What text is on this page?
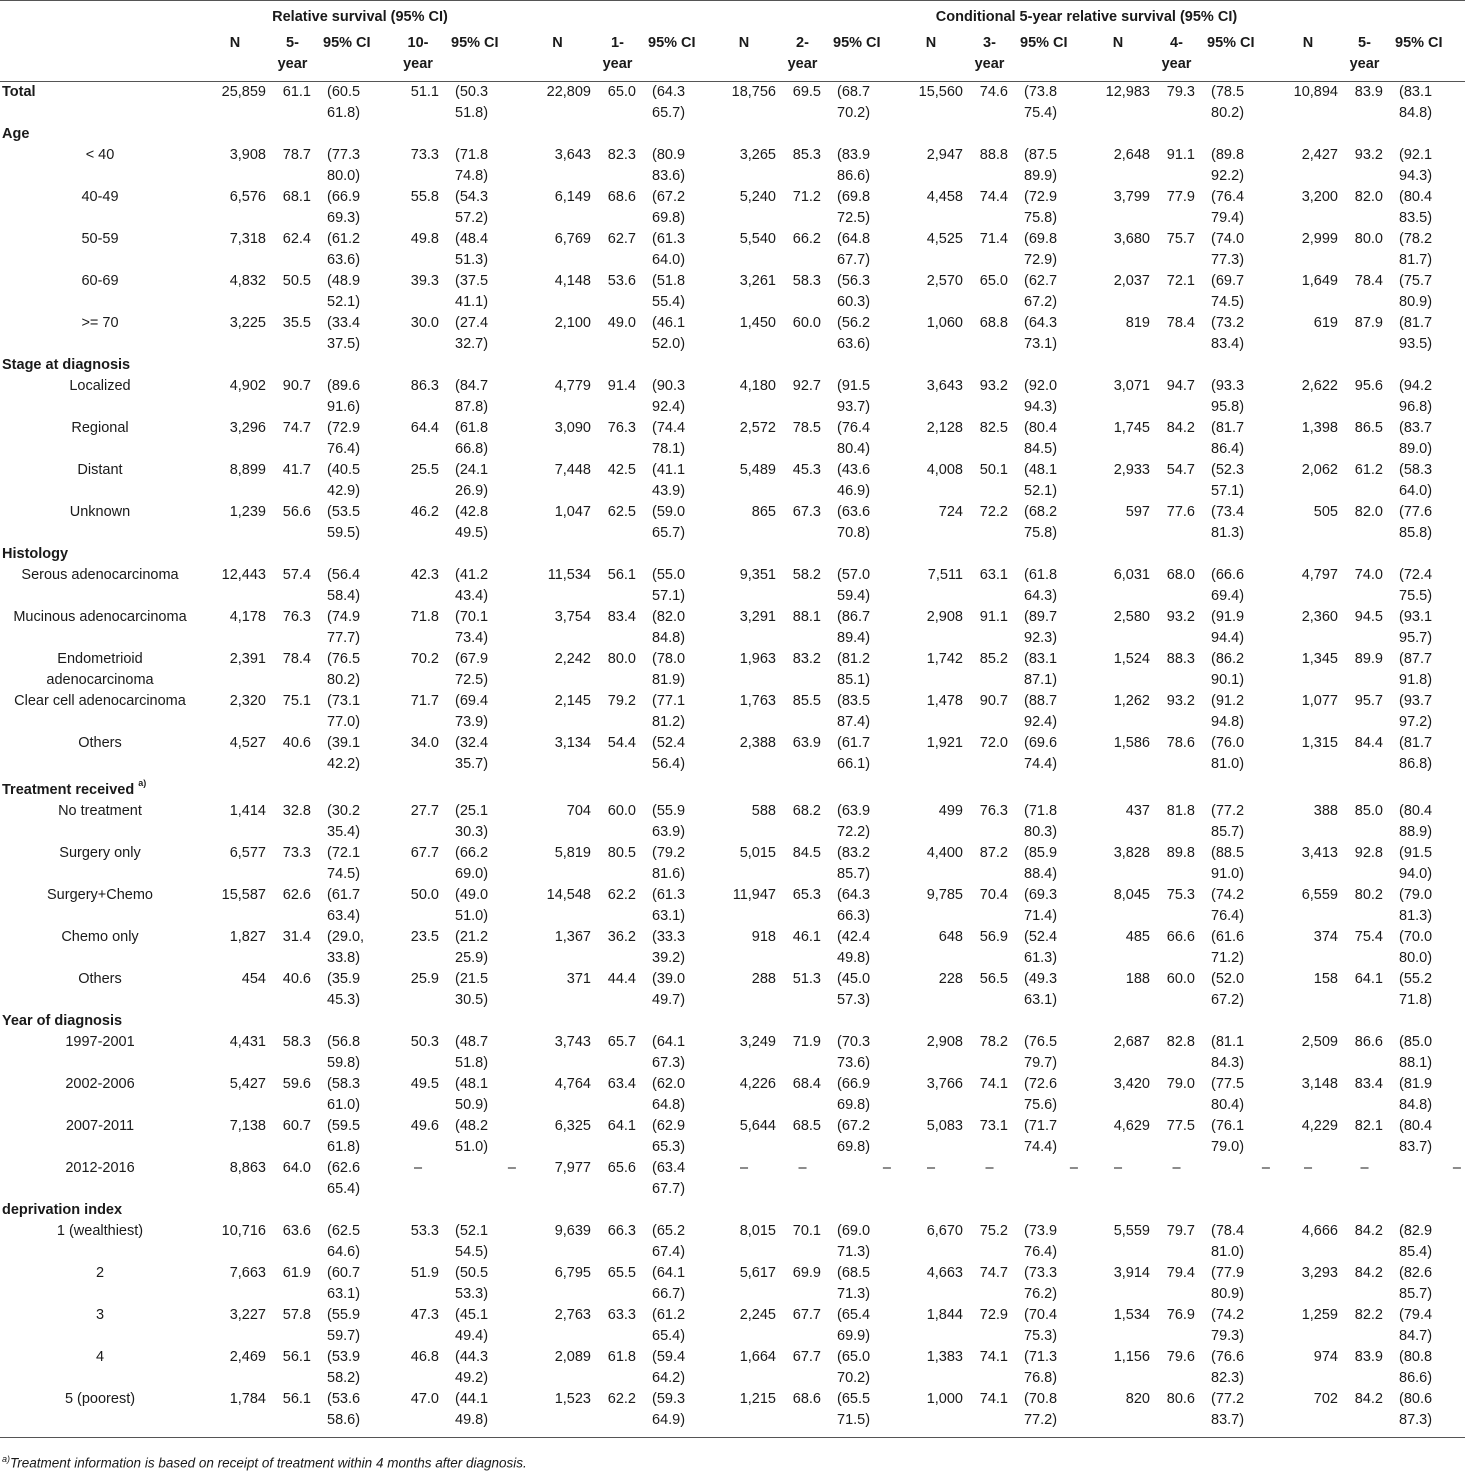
	Relative survival (95% CI)								Conditional 5-year relative survival (95% CI)											
	N	5-year	95% CI	10-year	95% CI	N	1-year	95% CI	N	2-year	95% CI	N	3-year	95% CI	N	4-year	95% CI	N	5-year	95% CI

Total	25,859	61.1	(60.5 61.8)	51.1	(50.3 51.8)	22,809	65.0	(64.3 65.7)	18,756	69.5	(68.7 70.2)	15,560	74.6	(73.8 75.4)	12,983	79.3	(78.5 80.2)	10,894	83.9	(83.1 84.8)
Age																				
< 40	3,908	78.7	(77.3 80.0)	73.3	(71.8 74.8)	3,643	82.3	(80.9 83.6)	3,265	85.3	(83.9 86.6)	2,947	88.8	(87.5 89.9)	2,648	91.1	(89.8 92.2)	2,427	93.2	(92.1 94.3)
40-49	6,576	68.1	(66.9 69.3)	55.8	(54.3 57.2)	6,149	68.6	(67.2 69.8)	5,240	71.2	(69.8 72.5)	4,458	74.4	(72.9 75.8)	3,799	77.9	(76.4 79.4)	3,200	82.0	(80.4 83.5)
50-59	7,318	62.4	(61.2 63.6)	49.8	(48.4 51.3)	6,769	62.7	(61.3 64.0)	5,540	66.2	(64.8 67.7)	4,525	71.4	(69.8 72.9)	3,680	75.7	(74.0 77.3)	2,999	80.0	(78.2 81.7)
60-69	4,832	50.5	(48.9 52.1)	39.3	(37.5 41.1)	4,148	53.6	(51.8 55.4)	3,261	58.3	(56.3 60.3)	2,570	65.0	(62.7 67.2)	2,037	72.1	(69.7 74.5)	1,649	78.4	(75.7 80.9)
>= 70	3,225	35.5	(33.4 37.5)	30.0	(27.4 32.7)	2,100	49.0	(46.1 52.0)	1,450	60.0	(56.2 63.6)	1,060	68.8	(64.3 73.1)	819	78.4	(73.2 83.4)	619	87.9	(81.7 93.5)
Stage at diagnosis																				
Localized	4,902	90.7	(89.6 91.6)	86.3	(84.7 87.8)	4,779	91.4	(90.3 92.4)	4,180	92.7	(91.5 93.7)	3,643	93.2	(92.0 94.3)	3,071	94.7	(93.3 95.8)	2,622	95.6	(94.2 96.8)
Regional	3,296	74.7	(72.9 76.4)	64.4	(61.8 66.8)	3,090	76.3	(74.4 78.1)	2,572	78.5	(76.4 80.4)	2,128	82.5	(80.4 84.5)	1,745	84.2	(81.7 86.4)	1,398	86.5	(83.7 89.0)
Distant	8,899	41.7	(40.5 42.9)	25.5	(24.1 26.9)	7,448	42.5	(41.1 43.9)	5,489	45.3	(43.6 46.9)	4,008	50.1	(48.1 52.1)	2,933	54.7	(52.3 57.1)	2,062	61.2	(58.3 64.0)
Unknown	1,239	56.6	(53.5 59.5)	46.2	(42.8 49.5)	1,047	62.5	(59.0 65.7)	865	67.3	(63.6 70.8)	724	72.2	(68.2 75.8)	597	77.6	(73.4 81.3)	505	82.0	(77.6 85.8)
Histology																				
Serous adenocarcinoma	12,443	57.4	(56.4 58.4)	42.3	(41.2 43.4)	11,534	56.1	(55.0 57.1)	9,351	58.2	(57.0 59.4)	7,511	63.1	(61.8 64.3)	6,031	68.0	(66.6 69.4)	4,797	74.0	(72.4 75.5)
Mucinous adenocarcinoma	4,178	76.3	(74.9 77.7)	71.8	(70.1 73.4)	3,754	83.4	(82.0 84.8)	3,291	88.1	(86.7 89.4)	2,908	91.1	(89.7 92.3)	2,580	93.2	(91.9 94.4)	2,360	94.5	(93.1 95.7)
Endometrioid adenocarcinoma	2,391	78.4	(76.5 80.2)	70.2	(67.9 72.5)	2,242	80.0	(78.0 81.9)	1,963	83.2	(81.2 85.1)	1,742	85.2	(83.1 87.1)	1,524	88.3	(86.2 90.1)	1,345	89.9	(87.7 91.8)
Clear cell adenocarcinoma	2,320	75.1	(73.1 77.0)	71.7	(69.4 73.9)	2,145	79.2	(77.1 81.2)	1,763	85.5	(83.5 87.4)	1,478	90.7	(88.7 92.4)	1,262	93.2	(91.2 94.8)	1,077	95.7	(93.7 97.2)
Others	4,527	40.6	(39.1 42.2)	34.0	(32.4 35.7)	3,134	54.4	(52.4 56.4)	2,388	63.9	(61.7 66.1)	1,921	72.0	(69.6 74.4)	1,586	78.6	(76.0 81.0)	1,315	84.4	(81.7 86.8)
Treatment received $^{a)}$
No treatment	1,414	32.8	(30.2 35.4)	27.7	(25.1 30.3)	704	60.0	(55.9 63.9)	588	68.2	(63.9 72.2)	499	76.3	(71.8 80.3)	437	81.8	(77.2 85.7)	388	85.0	(80.4 88.9)
Surgery only	6,577	73.3	(72.1 74.5)	67.7	(66.2 69.0)	5,819	80.5	(79.2 81.6)	5,015	84.5	(83.2 85.7)	4,400	87.2	(85.9 88.4)	3,828	89.8	(88.5 91.0)	3,413	92.8	(91.5 94.0)
Surgery+Chemo	15,587	62.6	(61.7 63.4)	50.0	(49.0 51.0)	14,548	62.2	(61.3 63.1)	11,947	65.3	(64.3 66.3)	9,785	70.4	(69.3 71.4)	8,045	75.3	(74.2 76.4)	6,559	80.2	(79.0 81.3)
Chemo only	1,827	31.4	(29.0, 33.8)	23.5	(21.2 25.9)	1,367	36.2	(33.3 39.2)	918	46.1	(42.4 49.8)	648	56.9	(52.4 61.3)	485	66.6	(61.6 71.2)	374	75.4	(70.0 80.0)
Others	454	40.6	(35.9 45.3)	25.9	(21.5 30.5)	371	44.4	(39.0 49.7)	288	51.3	(45.0 57.3)	228	56.5	(49.3 63.1)	188	60.0	(52.0 67.2)	158	64.1	(55.2 71.8)
Year of diagnosis																				
1997-2001	4,431	58.3	(56.8 59.8)	50.3	(48.7 51.8)	3,743	65.7	(64.1 67.3)	3,249	71.9	(70.3 73.6)	2,908	78.2	(76.5 79.7)	2,687	82.8	(81.1 84.3)	2,509	86.6	(85.0 88.1)
2002-2006	5,427	59.6	(58.3 61.0)	49.5	(48.1 50.9)	4,764	63.4	(62.0 64.8)	4,226	68.4	(66.9 69.8)	3,766	74.1	(72.6 75.6)	3,420	79.0	(77.5 80.4)	3,148	83.4	(81.9 84.8)
2007-2011	7,138	60.7	(59.5 61.8)	49.6	(48.2 51.0)	6,325	64.1	(62.9 65.3)	5,644	68.5	(67.2 69.8)	5,083	73.1	(71.7 74.4)	4,629	77.5	(76.1 79.0)	4,229	82.1	(80.4 83.7)
2012-2016	8,863	64.0	(62.6 65.4)	–	–	7,977	65.6	(63.4 67.7)	–	–	–	–	–	–	–	–	–	–	–	–
deprivation index																				
1 (wealthiest)	10,716	63.6	(62.5 64.6)	53.3	(52.1 54.5)	9,639	66.3	(65.2 67.4)	8,015	70.1	(69.0 71.3)	6,670	75.2	(73.9 76.4)	5,559	79.7	(78.4 81.0)	4,666	84.2	(82.9 85.4)
2	7,663	61.9	(60.7 63.1)	51.9	(50.5 53.3)	6,795	65.5	(64.1 66.7)	5,617	69.9	(68.5 71.3)	4,663	74.7	(73.3 76.2)	3,914	79.4	(77.9 80.9)	3,293	84.2	(82.6 85.7)
3	3,227	57.8	(55.9 59.7)	47.3	(45.1 49.4)	2,763	63.3	(61.2 65.4)	2,245	67.7	(65.4 69.9)	1,844	72.9	(70.4 75.3)	1,534	76.9	(74.2 79.3)	1,259	82.2	(79.4 84.7)
4	2,469	56.1	(53.9 58.2)	46.8	(44.3 49.2)	2,089	61.8	(59.4 64.2)	1,664	67.7	(65.0 70.2)	1,383	74.1	(71.3 76.8)	1,156	79.6	(76.6 82.3)	974	83.9	(80.8 86.6)
5 (poorest)	1,784	56.1	(53.6 58.6)	47.0	(44.1 49.8)	1,523	62.2	(59.3 64.9)	1,215	68.6	(65.5 71.5)	1,000	74.1	(70.8 77.2)	820	80.6	(77.2 83.7)	702	84.2	(80.6 87.3)

$^{a)}$Treatment information is based on receipt of treatment within 4 months after diagnosis.
